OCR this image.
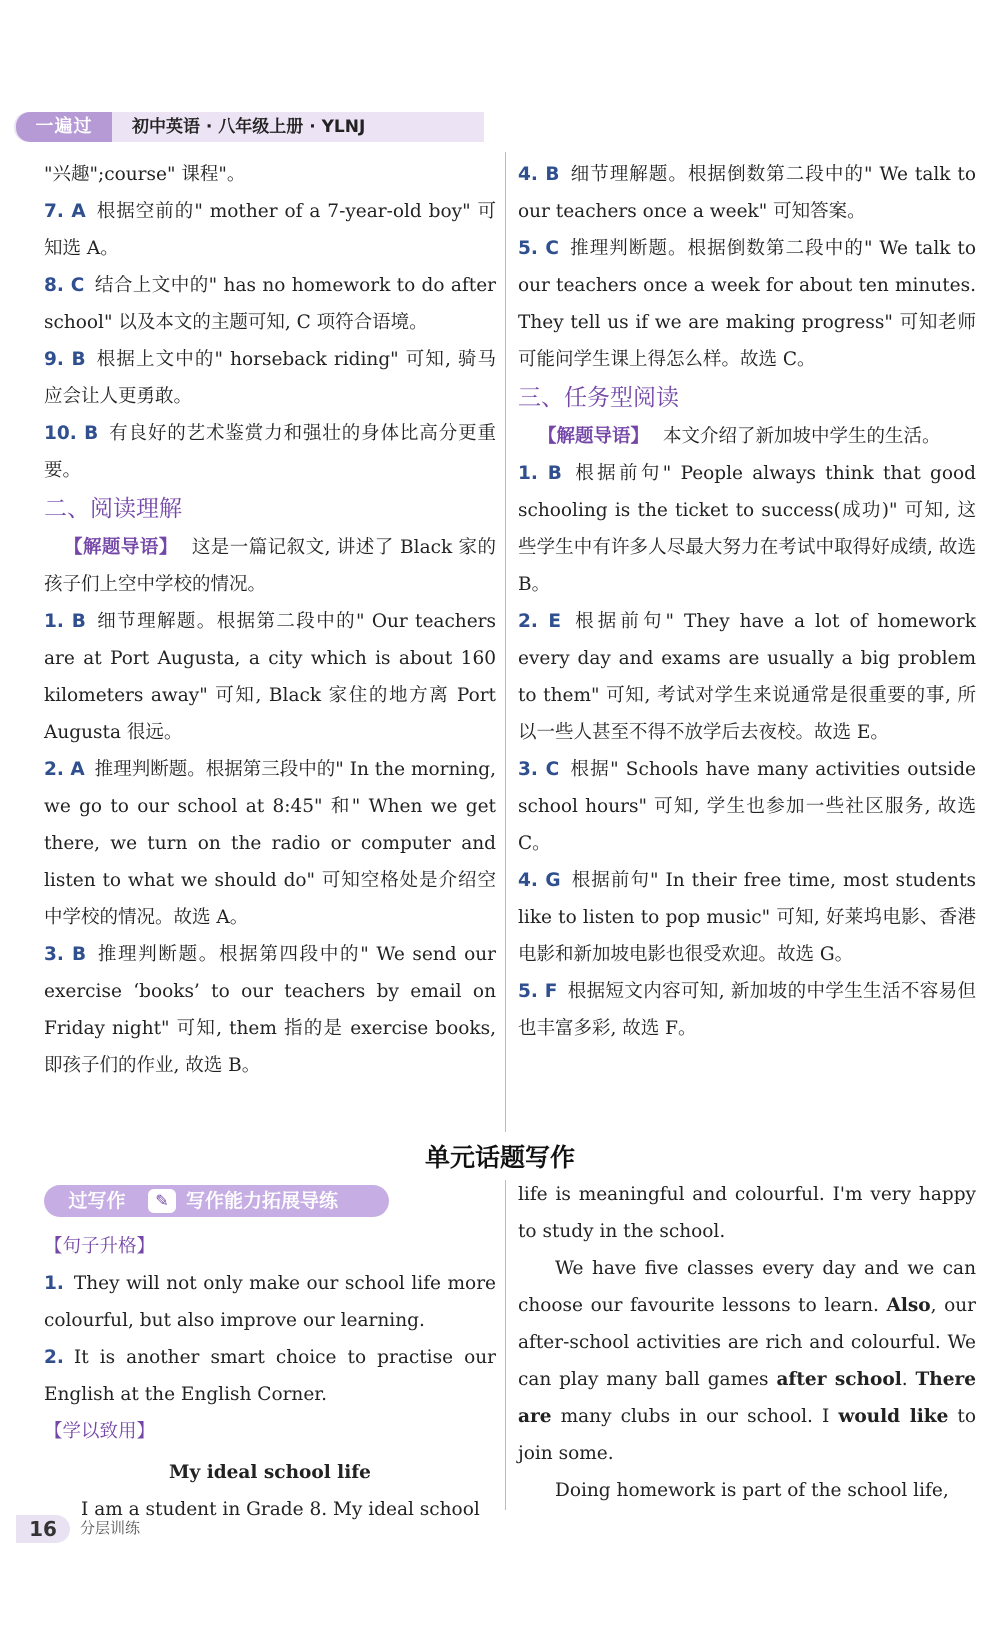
一遍过	初中英语 · 八年级上册 · YLNJ

"兴趣";course" 课程"。

7. A 根据空前的" mother of a 7-year-old boy" 可知选 A。

8. C 结合上文中的" has no homework to do after school" 以及本文的主题可知, C 项符合语境。

9. B 根据上文中的" horseback riding" 可知, 骑马应会让人更勇敢。

10. B 有良好的艺术鉴赏力和强壮的身体比高分更重要。

二、阅读理解

【解题导语】 这是一篇记叙文, 讲述了 Black 家的孩子们上空中学校的情况。

1. B 细节理解题。根据第二段中的" Our teachers are at Port Augusta, a city which is about 160 kilometers away" 可知, Black 家住的地方离 Port Augusta 很远。

2. A 推理判断题。根据第三段中的" In the morning, we go to our school at 8:45" 和" When we get there, we turn on the radio or computer and listen to what we should do" 可知空格处是介绍空中学校的情况。故选 A。

3. B 推理判断题。根据第四段中的" We send our exercise ‘books’ to our teachers by email on Friday night" 可知, them 指的是 exercise books, 即孩子们的作业, 故选 B。

4. B 细节理解题。根据倒数第二段中的" We talk to our teachers once a week" 可知答案。

5. C 推理判断题。根据倒数第二段中的" We talk to our teachers once a week for about ten minutes. They tell us if we are making progress" 可知老师可能问学生课上得怎么样。故选 C。

三、任务型阅读

【解题导语】 本文介绍了新加坡中学生的生活。

1. B 根据前句" People always think that good schooling is the ticket to success(成功)" 可知, 这些学生中有许多人尽最大努力在考试中取得好成绩, 故选 B。

2. E 根据前句" They have a lot of homework every day and exams are usually a big problem to them" 可知, 考试对学生来说通常是很重要的事, 所以一些人甚至不得不放学后去夜校。故选 E。

3. C 根据" Schools have many activities outside school hours" 可知, 学生也参加一些社区服务, 故选 C。

4. G 根据前句" In their free time, most students like to listen to pop music" 可知, 好莱坞电影、香港电影和新加坡电影也很受欢迎。故选 G。

5. F 根据短文内容可知, 新加坡的中学生生活不容易但也丰富多彩, 故选 F。

单元话题写作
过写作	✎ 写作能力拓展导练

【句子升格】

1. They will not only make our school life more colourful, but also improve our learning.

2. It is another smart choice to practise our English at the English Corner.

【学以致用】

My ideal school life

I am a student in Grade 8. My ideal school

life is meaningful and colourful. I'm very happy to study in the school.

We have five classes every day and we can choose our favourite lessons to learn. Also, our after-school activities are rich and colourful. We can play many ball games after school. There are many clubs in our school. I would like to join some.

Doing homework is part of the school life,

16	分层训练
